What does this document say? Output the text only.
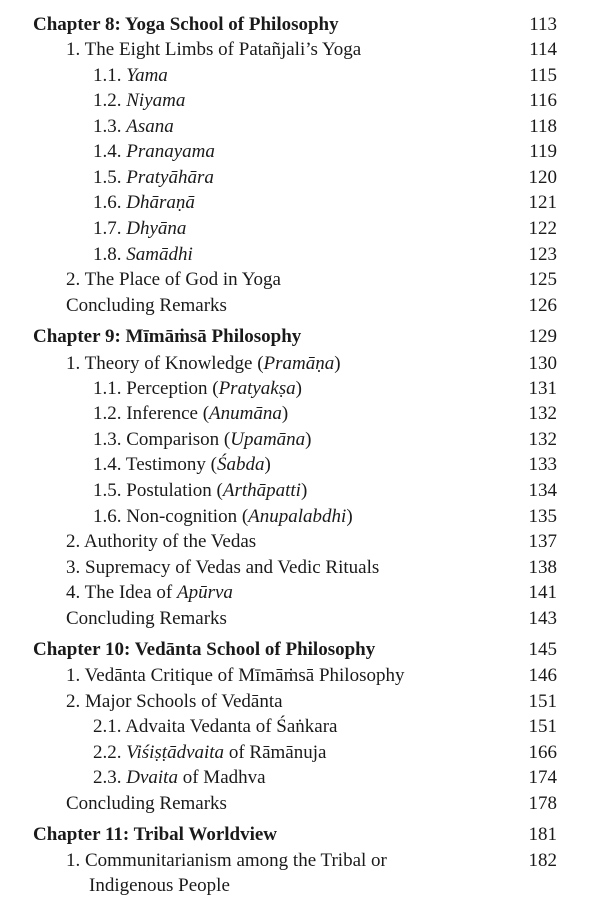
Chapter 8: Yoga School of Philosophy	113
1. The Eight Limbs of Patañjali’s Yoga	114
1.1. Yama	115
1.2. Niyama	116
1.3. Asana	118
1.4. Pranayama	119
1.5. Pratyāhāra	120
1.6. Dhāraṇā	121
1.7. Dhyāna	122
1.8. Samādhi	123
2. The Place of God in Yoga	125
Concluding Remarks	126
Chapter 9: Mīmāṁsā Philosophy	129
1. Theory of Knowledge (Pramāṇa)	130
1.1. Perception (Pratyakṣa)	131
1.2. Inference (Anumāna)	132
1.3. Comparison (Upamāna)	132
1.4. Testimony (Śabda)	133
1.5. Postulation (Arthāpatti)	134
1.6. Non-cognition (Anupalabdhi)	135
2. Authority of the Vedas	137
3. Supremacy of Vedas and Vedic Rituals	138
4. The Idea of Apūrva	141
Concluding Remarks	143
Chapter 10: Vedānta School of Philosophy	145
1. Vedānta Critique of Mīmāṁsā Philosophy	146
2. Major Schools of Vedānta	151
2.1. Advaita Vedanta of Śaṅkara	151
2.2. Viśiṣṭādvaita of Rāmānuja	166
2.3. Dvaita of Madhva	174
Concluding Remarks	178
Chapter 11: Tribal Worldview	181
1. Communitarianism among the Tribal or	182
Indigenous People
